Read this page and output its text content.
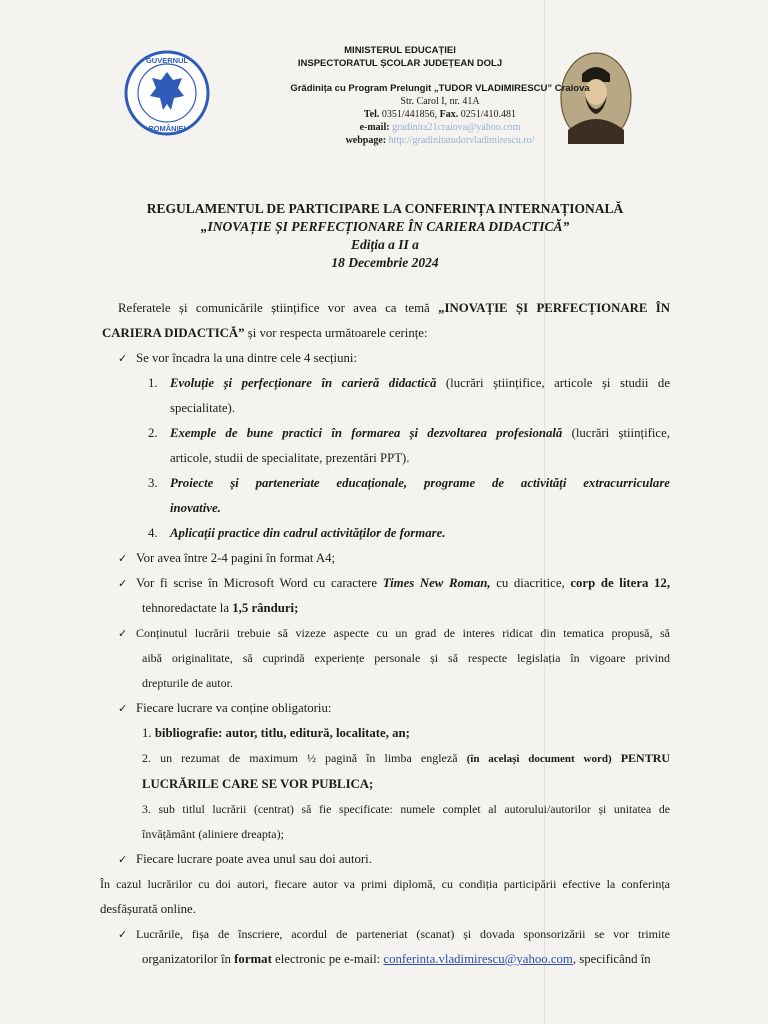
GUVERNUL
ROMÂNIEI
MINISTERUL EDUCAȚIEI
INSPECTORATUL ȘCOLAR JUDEȚEAN DOLJ
Grădinița cu Program Prelungit „TUDOR VLADIMIRESCU” Craiova
Str. Carol I, nr. 41A
Tel. 0351/441856, Fax. 0251/410.481
e-mail: gradinita21craiova@yahoo.com
webpage: http://gradinitatudorvladimirescu.ro/
REGULAMENTUL DE PARTICIPARE LA CONFERINȚA INTERNAȚIONALĂ
„INOVAȚIE ȘI PERFECȚIONARE ÎN CARIERA DIDACTICĂ”
Ediția a II a
18 Decembrie 2024

Referatele și comunicările științifice vor avea ca temă „INOVAȚIE ȘI PERFECȚIONARE ÎN

CARIERA DIDACTICĂ” și vor respecta următoarele cerințe:

✓ Se vor încadra la una dintre cele 4 secțiuni:

1. Evoluție și perfecționare în carieră didactică (lucrări științifice, articole și studii de
specialitate).
2. Exemple de bune practici în formarea și dezvoltarea profesională (lucrări științifice,
articole, studii de specialitate, prezentări PPT).
3. Proiecte și parteneriate educaționale, programe de activități extracurriculare
inovative.
4. Aplicații practice din cadrul activităților de formare.

✓ Vor avea între 2-4 pagini în format A4;

✓ Vor fi scrise în Microsoft Word cu caractere Times New Roman, cu diacritice, corp de litera 12,

tehnoredactate la 1,5 rânduri;

✓ Conținutul lucrării trebuie să vizeze aspecte cu un grad de interes ridicat din tematica propusă, să

aibă originalitate, să cuprindă experiențe personale și să respecte legislația în vigoare privind

drepturile de autor.

✓ Fiecare lucrare va conține obligatoriu:

1. bibliografie: autor, titlu, editură, localitate, an;

2. un rezumat de maximum ½ pagină în limba engleză (în același document word) PENTRU

LUCRĂRILE CARE SE VOR PUBLICA;

3. sub titlul lucrării (centrat) să fie specificate: numele complet al autorului/autorilor și unitatea de

învățământ (aliniere dreapta);

✓ Fiecare lucrare poate avea unul sau doi autori.

În cazul lucrărilor cu doi autori, fiecare autor va primi diplomă, cu condiția participării efective la conferința

desfășurată online.

✓ Lucrările, fișa de înscriere, acordul de parteneriat (scanat) și dovada sponsorizării se vor trimite

organizatorilor în format electronic pe e-mail: conferinta.vladimirescu@yahoo.com, specificând în
